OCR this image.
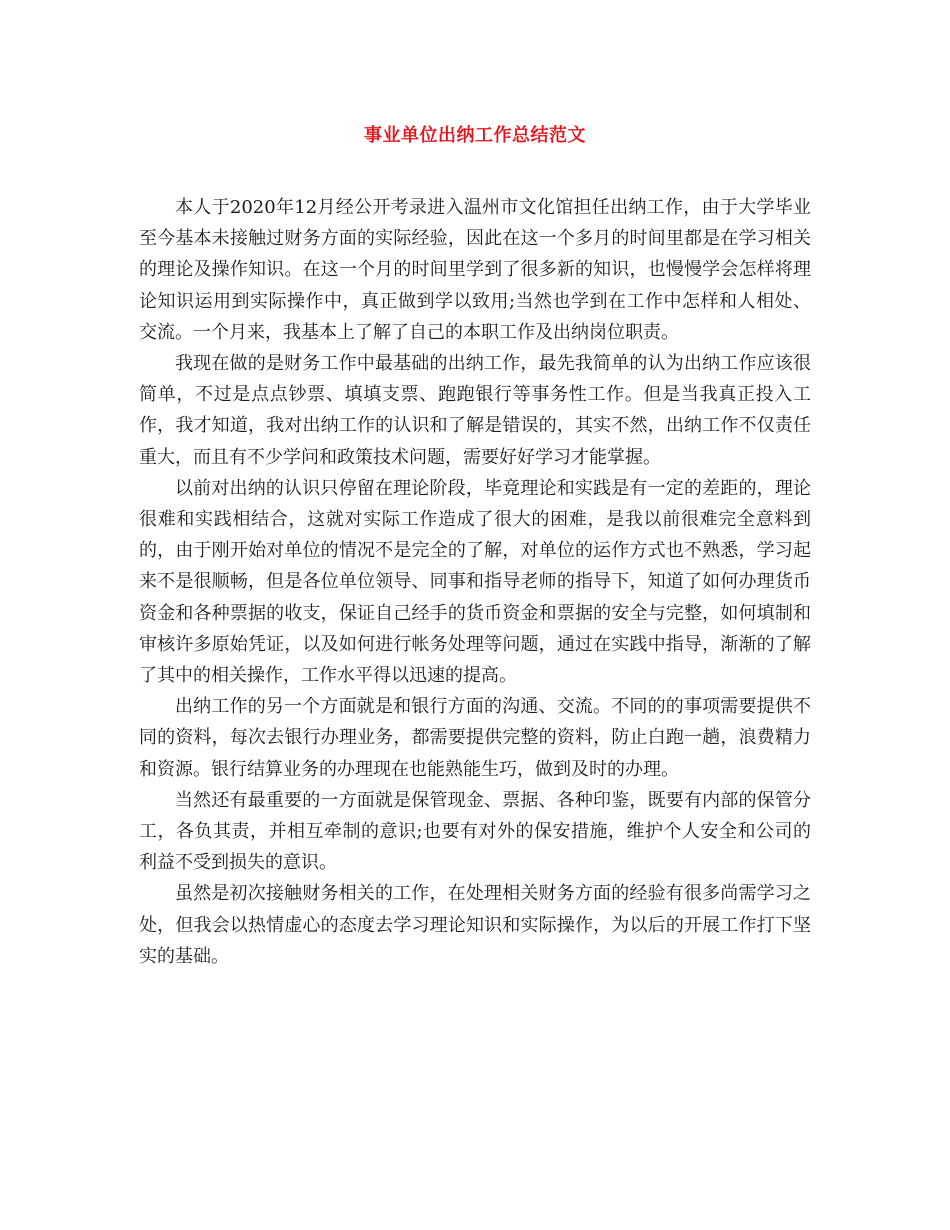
事业单位出纳工作总结范文

本人于2020年12月经公开考录进入温州市文化馆担任出纳工作，由于大学毕业至今基本未接触过财务方面的实际经验，因此在这一个多月的时间里都是在学习相关的理论及操作知识。在这一个月的时间里学到了很多新的知识，也慢慢学会怎样将理论知识运用到实际操作中，真正做到学以致用;当然也学到在工作中怎样和人相处、交流。一个月来，我基本上了解了自己的本职工作及出纳岗位职责。

我现在做的是财务工作中最基础的出纳工作，最先我简单的认为出纳工作应该很简单，不过是点点钞票、填填支票、跑跑银行等事务性工作。但是当我真正投入工作，我才知道，我对出纳工作的认识和了解是错误的，其实不然，出纳工作不仅责任重大，而且有不少学问和政策技术问题，需要好好学习才能掌握。

以前对出纳的认识只停留在理论阶段，毕竟理论和实践是有一定的差距的，理论很难和实践相结合，这就对实际工作造成了很大的困难，是我以前很难完全意料到的，由于刚开始对单位的情况不是完全的了解，对单位的运作方式也不熟悉，学习起来不是很顺畅，但是各位单位领导、同事和指导老师的指导下，知道了如何办理货币资金和各种票据的收支，保证自己经手的货币资金和票据的安全与完整，如何填制和审核许多原始凭证，以及如何进行帐务处理等问题，通过在实践中指导，渐渐的了解了其中的相关操作，工作水平得以迅速的提高。

出纳工作的另一个方面就是和银行方面的沟通、交流。不同的的事项需要提供不同的资料，每次去银行办理业务，都需要提供完整的资料，防止白跑一趟，浪费精力和资源。银行结算业务的办理现在也能熟能生巧，做到及时的办理。

当然还有最重要的一方面就是保管现金、票据、各种印鉴，既要有内部的保管分工，各负其责，并相互牵制的意识;也要有对外的保安措施，维护个人安全和公司的利益不受到损失的意识。

虽然是初次接触财务相关的工作，在处理相关财务方面的经验有很多尚需学习之处，但我会以热情虚心的态度去学习理论知识和实际操作，为以后的开展工作打下坚实的基础。
